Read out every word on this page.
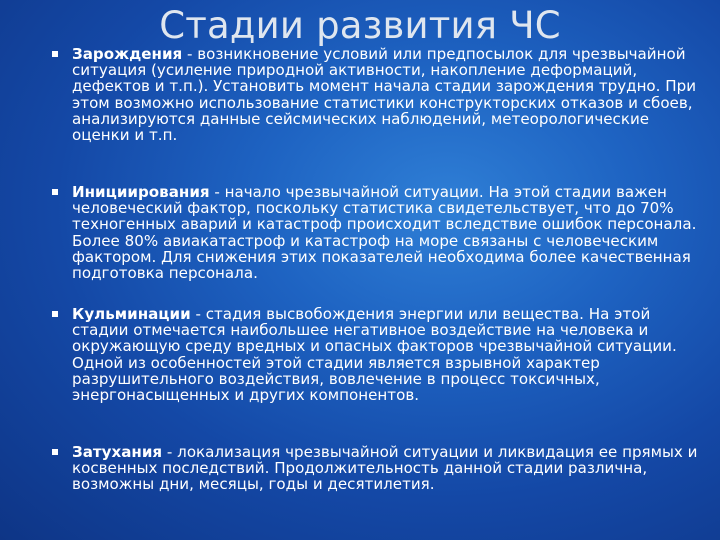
Зарождения - возникновение условий или предпосылок для чрезвычайной ситуация (усиление природной активности, накопление деформаций, дефектов и т.п.). Установить момент начала стадии зарождения трудно. При этом возможно использование статистики конструкторских отказов и сбоев, анализируются данные сейсмических наблюдений, метеорологические оценки и т.п.
Инициирования - начало чрезвычайной ситуации. На этой стадии важен человеческий фактор, поскольку статистика свидетельствует, что до 70% техногенных аварий и катастроф происходит вследствие ошибок персонала. Более 80% авиакатастроф и катастроф на море связаны с человеческим фактором. Для снижения этих показателей необходима более качественная подготовка персонала.
Кульминации - стадия высвобождения энергии или вещества. На этой стадии отмечается наибольшее негативное воздействие на человека и окружающую среду вредных и опасных факторов чрезвычайной ситуации. Одной из особенностей этой стадии является взрывной характер разрушительного воздействия, вовлечение в процесс токсичных, энергонасыщенных и других компонентов.
Затухания - локализация чрезвычайной ситуации и ликвидация ее прямых и косвенных последствий. Продолжительность данной стадии различна, возможны дни, месяцы, годы и десятилетия.
Стадии развития ЧС
